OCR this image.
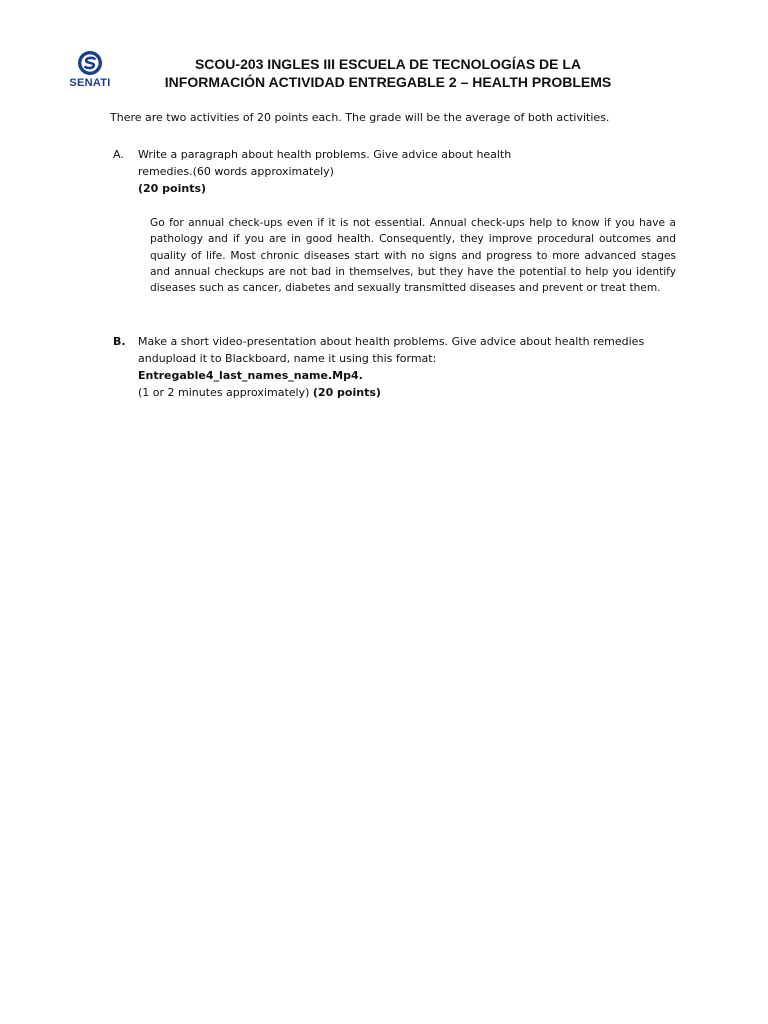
SENATI
SCOU-203 INGLES III ESCUELA DE TECNOLOGÍAS DE LA
INFORMACIÓN ACTIVIDAD ENTREGABLE 2 – HEALTH PROBLEMS
There are two activities of 20 points each. The grade will be the average of both activities.
A.	Write a paragraph about health problems. Give advice about health
remedies.(60 words approximately)
(20 points)
Go for annual check-ups even if it is not essential. Annual check-ups help to know if you have a pathology and if you are in good health. Consequently, they improve procedural outcomes and quality of life. Most chronic diseases start with no signs and progress to more advanced stages and annual checkups are not bad in themselves, but they have the potential to help you identify diseases such as cancer, diabetes and sexually transmitted diseases and prevent or treat them.
B.	Make a short video-presentation about health problems. Give advice about health remedies
andupload it to Blackboard, name it using this format:
Entregable4_last_names_name.Mp4.
(1 or 2 minutes approximately) (20 points)
